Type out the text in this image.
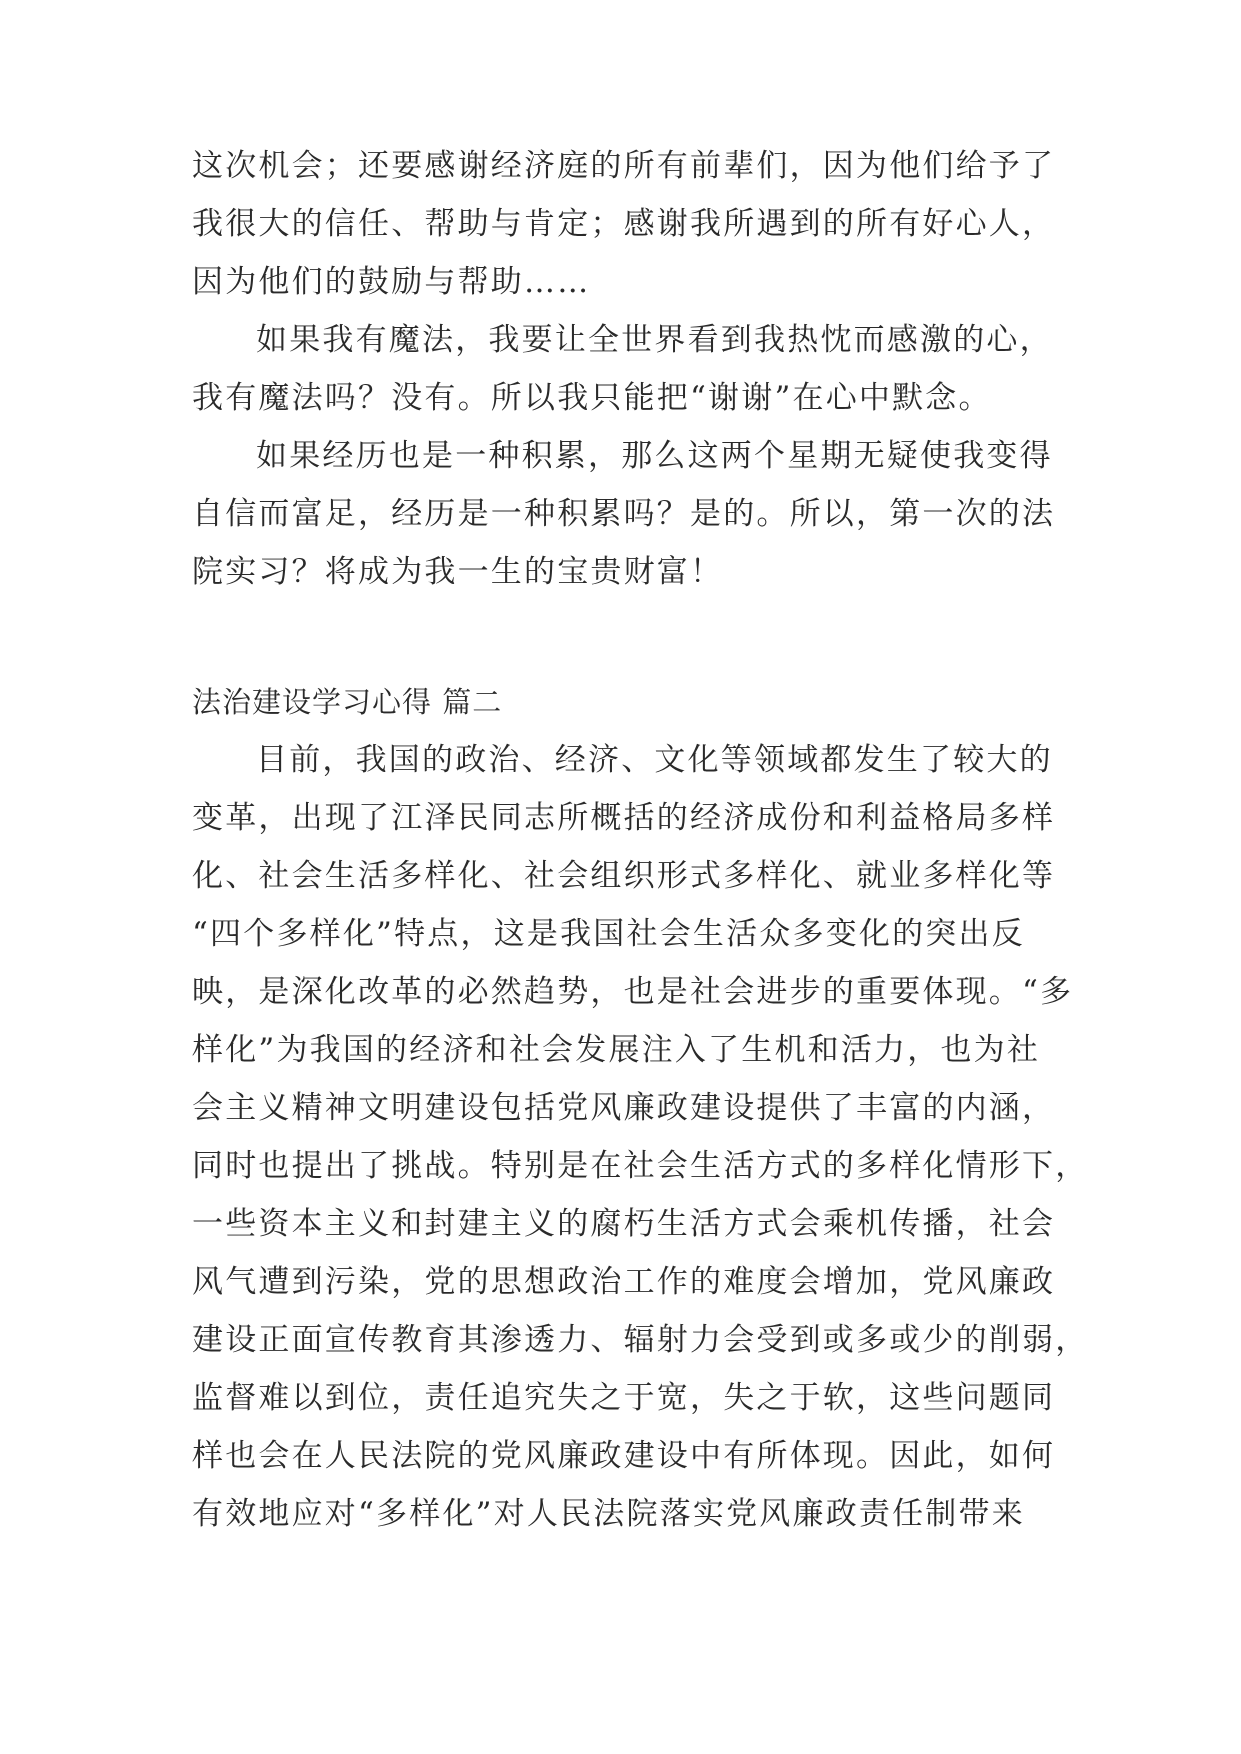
这次机会；还要感谢经济庭的所有前辈们，因为他们给予了
我很大的信任、帮助与肯定；感谢我所遇到的所有好心人，
因为他们的鼓励与帮助……
如果我有魔法，我要让全世界看到我热忱而感激的心，
我有魔法吗？没有。所以我只能把“谢谢”在心中默念。
如果经历也是一种积累，那么这两个星期无疑使我变得
自信而富足，经历是一种积累吗？是的。所以，第一次的法
院实习？将成为我一生的宝贵财富！
法治建设学习心得 篇二
目前，我国的政治、经济、文化等领域都发生了较大的
变革，出现了江泽民同志所概括的经济成份和利益格局多样
化、社会生活多样化、社会组织形式多样化、就业多样化等
“四个多样化”特点，这是我国社会生活众多变化的突出反
映，是深化改革的必然趋势，也是社会进步的重要体现。“多
样化”为我国的经济和社会发展注入了生机和活力，也为社
会主义精神文明建设包括党风廉政建设提供了丰富的内涵，
同时也提出了挑战。特别是在社会生活方式的多样化情形下，
一些资本主义和封建主义的腐朽生活方式会乘机传播，社会
风气遭到污染，党的思想政治工作的难度会增加，党风廉政
建设正面宣传教育其渗透力、辐射力会受到或多或少的削弱，
监督难以到位，责任追究失之于宽，失之于软，这些问题同
样也会在人民法院的党风廉政建设中有所体现。因此，如何
有效地应对“多样化”对人民法院落实党风廉政责任制带来
